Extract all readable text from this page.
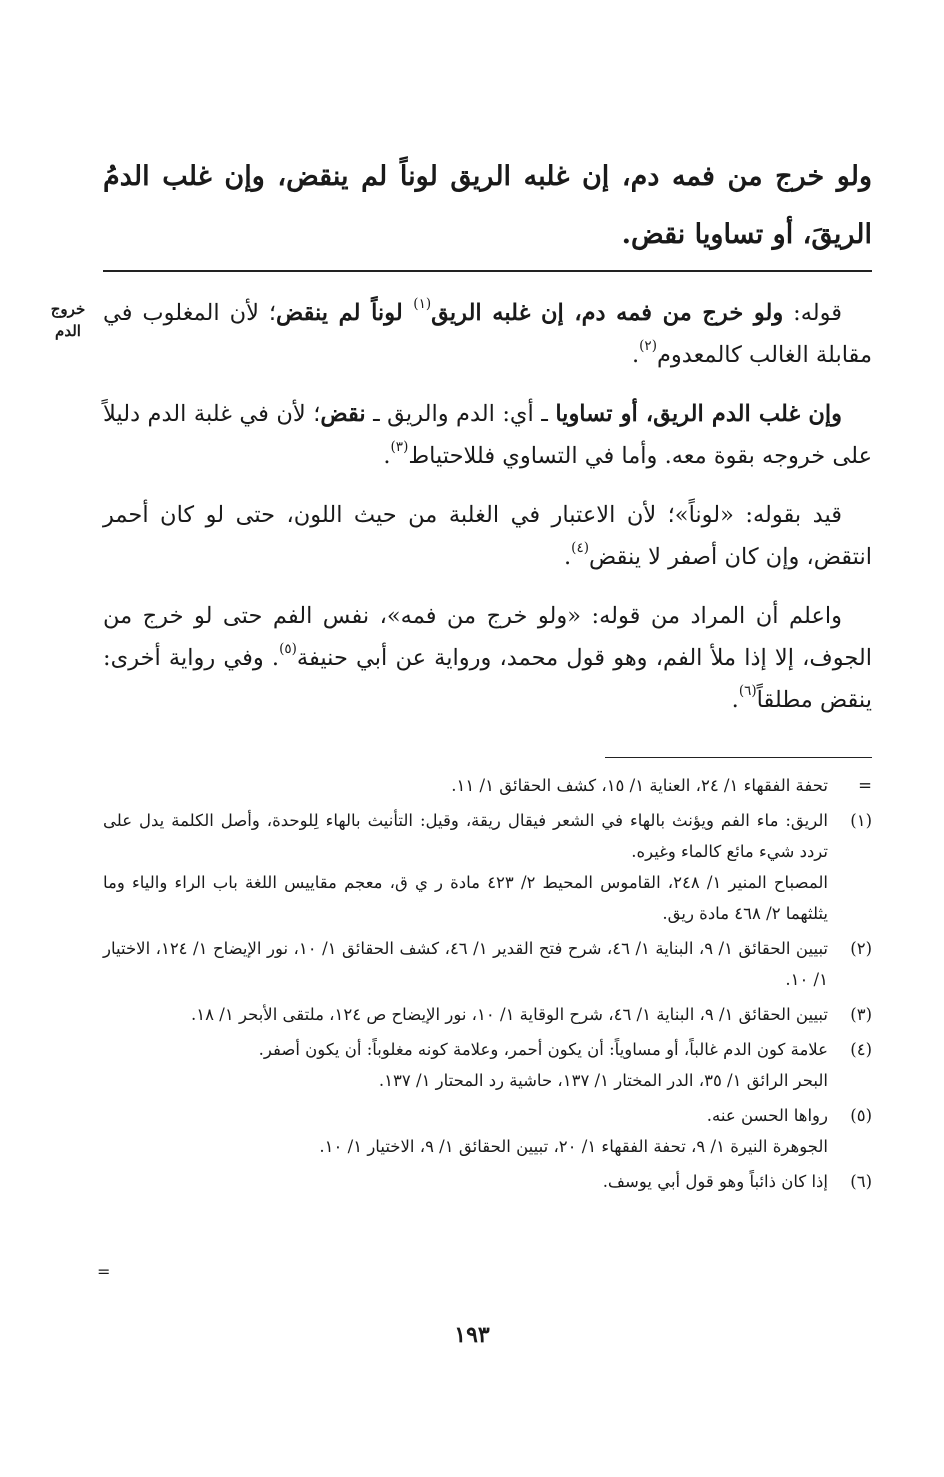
ولو خرج من فمه دم، إن غلبه الريق لوناً لم ينقض، وإن غلب الدمُ الريقَ، أو تساويا نقض.

خروج
الدم

قوله: ولو خرج من فمه دم، إن غلبه الريق$^{(١)}$ لوناً لم ينقض؛ لأن المغلوب في مقابلة الغالب كالمعدوم$^{(٢)}$.

وإن غلب الدم الريق، أو تساويا ـ أي: الدم والريق ـ نقض؛ لأن في غلبة الدم دليلاً على خروجه بقوة معه. وأما في التساوي فللاحتياط$^{(٣)}$.

قيد بقوله: «لوناً»؛ لأن الاعتبار في الغلبة من حيث اللون، حتى لو كان أحمر انتقض، وإن كان أصفر لا ينقض$^{(٤)}$.

واعلم أن المراد من قوله: «ولو خرج من فمه»، نفس الفم حتى لو خرج من الجوف، إلا إذا ملأ الفم، وهو قول محمد، ورواية عن أبي حنيفة$^{(٥)}$. وفي رواية أخرى: ينقض مطلقاً$^{(٦)}$.

=
تحفة الفقهاء ١/ ٢٤، العناية ١/ ١٥، كشف الحقائق ١/ ١١.
(١)
الريق: ماء الفم ويؤنث بالهاء في الشعر فيقال ريقة، وقيل: التأنيث بالهاء لِلوحدة، وأصل الكلمة يدل على تردد شيء مائع كالماء وغيره.
المصباح المنير ١/ ٢٤٨، القاموس المحيط ٢/ ٤٢٣ مادة ر ي ق، معجم مقاييس اللغة باب الراء والياء وما يثلثهما ٢/ ٤٦٨ مادة ريق.
(٢)
تبيين الحقائق ١/ ٩، البناية ١/ ٤٦، شرح فتح القدير ١/ ٤٦، كشف الحقائق ١/ ١٠، نور الإيضاح ١/ ١٢٤، الاختيار ١/ ١٠.
(٣)
تبيين الحقائق ١/ ٩، البناية ١/ ٤٦، شرح الوقاية ١/ ١٠، نور الإيضاح ص ١٢٤، ملتقى الأبحر ١/ ١٨.
(٤)
علامة كون الدم غالباً، أو مساوياً: أن يكون أحمر، وعلامة كونه مغلوباً: أن يكون أصفر.
البحر الرائق ١/ ٣٥، الدر المختار ١/ ١٣٧، حاشية رد المحتار ١/ ١٣٧.
(٥)
رواها الحسن عنه.
الجوهرة النيرة ١/ ٩، تحفة الفقهاء ١/ ٢٠، تبيين الحقائق ١/ ٩، الاختيار ١/ ١٠.
(٦)
إذا كان ذائباً وهو قول أبي يوسف.
=
١٩٣
